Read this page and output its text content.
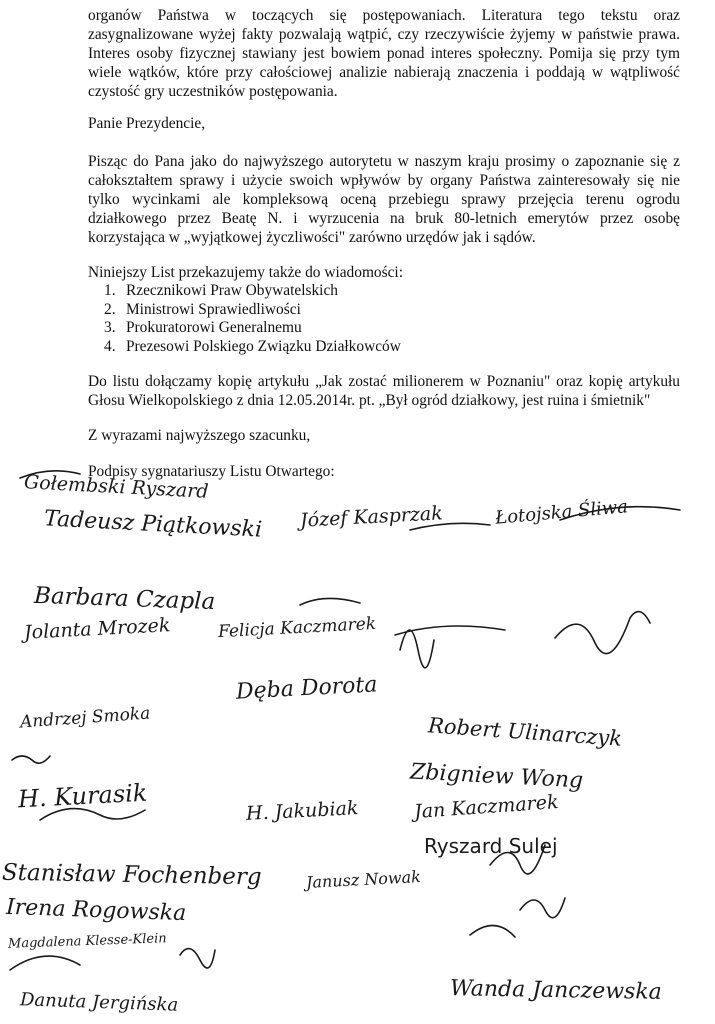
organów Państwa w toczących się postępowaniach. Literatura tego tekstu oraz
zasygnalizowane wyżej fakty pozwalają wątpić, czy rzeczywiście żyjemy w państwie prawa.
Interes osoby fizycznej stawiany jest bowiem ponad interes społeczny. Pomija się przy tym
wiele wątków, które przy całościowej analizie nabierają znaczenia i poddają w wątpliwość
czystość gry uczestników postępowania.

Panie Prezydencie,

Pisząc do Pana jako do najwyższego autorytetu w naszym kraju prosimy o zapoznanie się z
całokształtem sprawy i użycie swoich wpływów by organy Państwa zainteresowały się nie
tylko wycinkami ale kompleksową oceną przebiegu sprawy przejęcia terenu ogrodu
działkowego przez Beatę N. i wyrzucenia na bruk 80-letnich emerytów przez osobę
korzystająca w „wyjątkowej życzliwości" zarówno urzędów jak i sądów.

Niniejszy List przekazujemy także do wiadomości:

1. Rzecznikowi Praw Obywatelskich
2. Ministrowi Sprawiedliwości
3. Prokuratorowi Generalnemu
4. Prezesowi Polskiego Związku Działkowców

Do listu dołączamy kopię artykułu „Jak zostać milionerem w Poznaniu" oraz kopię artykułu
Głosu Wielkopolskiego z dnia 12.05.2014r. pt. „Był ogród działkowy, jest ruina i śmietnik"

Z wyrazami najwyższego szacunku,

Podpisy sygnatariuszy Listu Otwartego:

Gołembski Ryszard
Tadeusz Piątkowski Józef Kasprzak	Łotojska Śliwa
Andrzej Smoka
Barbara Czapla
Jolanta Mrozek	Felicja Kaczmarek
Dęba Dorota
Robert Ulinarczyk
H. Kurasik
Zbigniew Wong
Jan Kaczmarek
Ryszard Sulej
H. Jakubiak
Stanisław Fochenberg	Janusz Nowak
Irena Rogowska
Magdalena Klesse-Klein
Danuta Jergińska	Wanda Janczewska
